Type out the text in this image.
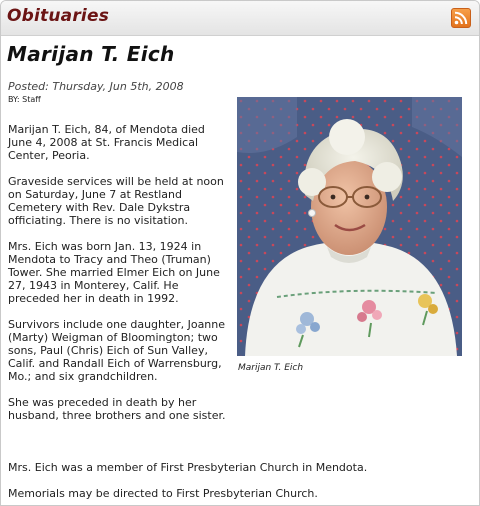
Obituaries
Marijan T. Eich
Posted: Thursday, Jun 5th, 2008
BY: Staff

Marijan T. Eich, 84, of Mendota died June 4, 2008 at St. Francis Medical Center, Peoria.

Graveside services will be held at noon on Saturday, June 7 at Restland Cemetery with Rev. Dale Dykstra officiating. There is no visitation.

Mrs. Eich was born Jan. 13, 1924 in Mendota to Tracy and Theo (Truman) Tower. She married Elmer Eich on June 27, 1943 in Monterey, Calif. He preceded her in death in 1992.

Survivors include one daughter, Joanne (Marty) Weigman of Bloomington; two sons, Paul (Chris) Eich of Sun Valley, Calif. and Randall Eich of Warrensburg, Mo.; and six grandchildren.

She was preceded in death by her husband, three brothers and one sister.

Mrs. Eich was a member of First Presbyterian Church in Mendota.
Memorials may be directed to First Presbyterian Church.
Marijan T. Eich
